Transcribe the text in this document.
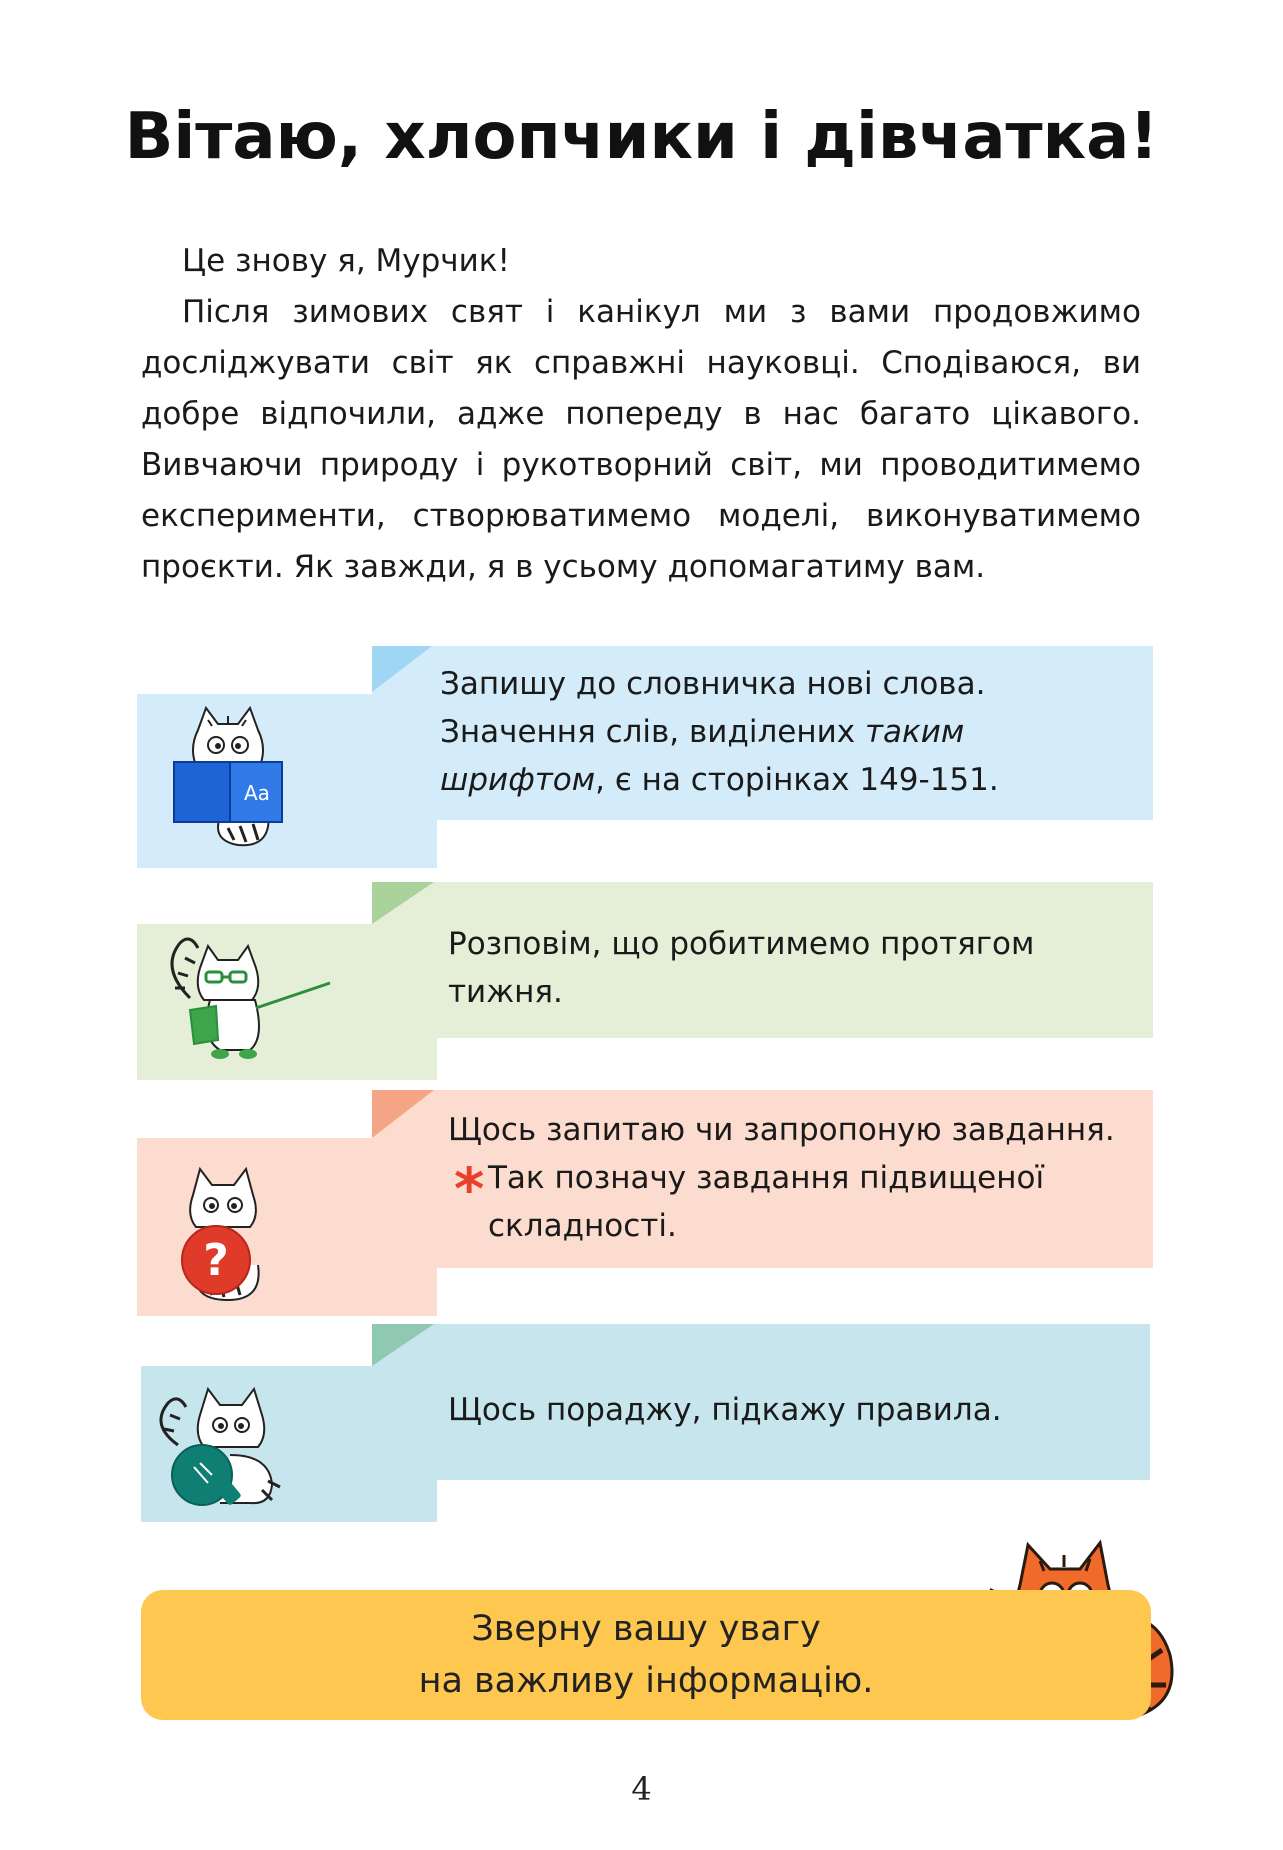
Вітаю, хлопчики і дівчатка!

Це знову я, Мурчик!

Після зимових свят і канікул ми з вами продовжимо досліджувати світ як справжні науковці. Сподіваюся, ви добре відпочили, адже попереду в нас багато цікавого. Вивчаючи природу і рукотворний світ, ми проводитимемо експерименти, створюватимемо моделі, виконуватимемо проєкти. Як завжди, я в усьому допомагатиму вам.

Aa
Запишу до словничка нові слова.
Значення слів, виділених таким
шрифтом, є на сторінках 149-151.
Розповім, що робитимемо протягом тижня.
?
Щось запитаю чи запропоную завдання.
* Так позначу завдання підвищеної
складності.
Щось пораджу, підкажу правила.
Зверну вашу увагу
на важливу інформацію.
4
